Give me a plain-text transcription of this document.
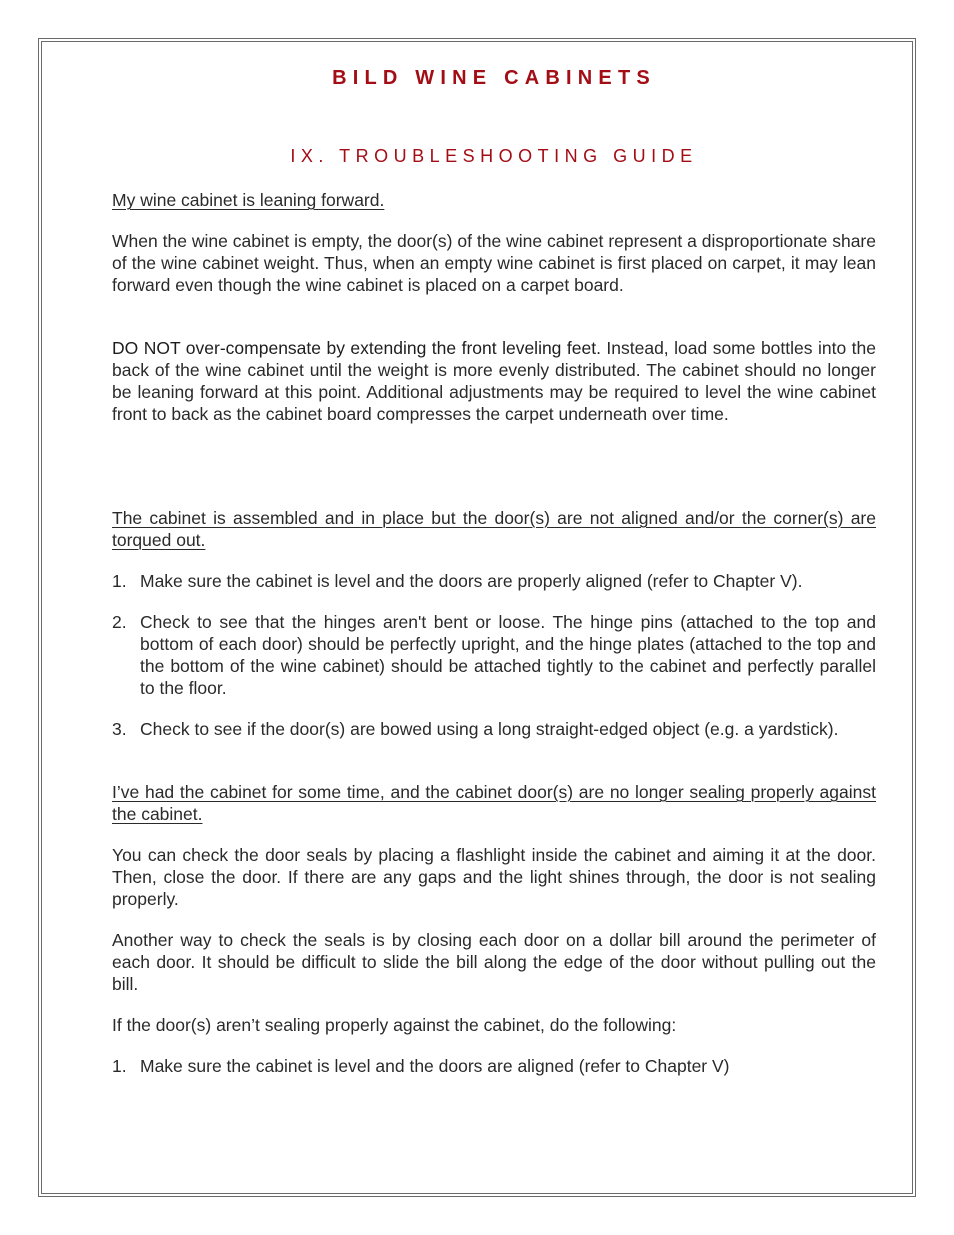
BILD WINE CABINETS
IX. TROUBLESHOOTING GUIDE
My wine cabinet is leaning forward.

When the wine cabinet is empty, the door(s) of the wine cabinet represent a disproportionate share of the wine cabinet weight. Thus, when an empty wine cabinet is first placed on carpet, it may lean forward even though the wine cabinet is placed on a carpet board.

DO NOT over-compensate by extending the front leveling feet. Instead, load some bottles into the back of the wine cabinet until the weight is more evenly distributed. The cabinet should no longer be leaning forward at this point. Additional adjustments may be required to level the wine cabinet front to back as the cabinet board compresses the carpet underneath over time.

The cabinet is assembled and in place but the door(s) are not aligned and/or the corner(s) are torqued out.
1. Make sure the cabinet is level and the doors are properly aligned (refer to Chapter V).
2. Check to see that the hinges aren't bent or loose. The hinge pins (attached to the top and bottom of each door) should be perfectly upright, and the hinge plates (attached to the top and the bottom of the wine cabinet) should be attached tightly to the cabinet and perfectly parallel to the floor.
3. Check to see if the door(s) are bowed using a long straight-edged object (e.g. a yardstick).
I’ve had the cabinet for some time, and the cabinet door(s) are no longer sealing properly against the cabinet.

You can check the door seals by placing a flashlight inside the cabinet and aiming it at the door. Then, close the door. If there are any gaps and the light shines through, the door is not sealing properly.

Another way to check the seals is by closing each door on a dollar bill around the perimeter of each door. It should be difficult to slide the bill along the edge of the door without pulling out the bill.

If the door(s) aren’t sealing properly against the cabinet, do the following:

1. Make sure the cabinet is level and the doors are aligned (refer to Chapter V)
